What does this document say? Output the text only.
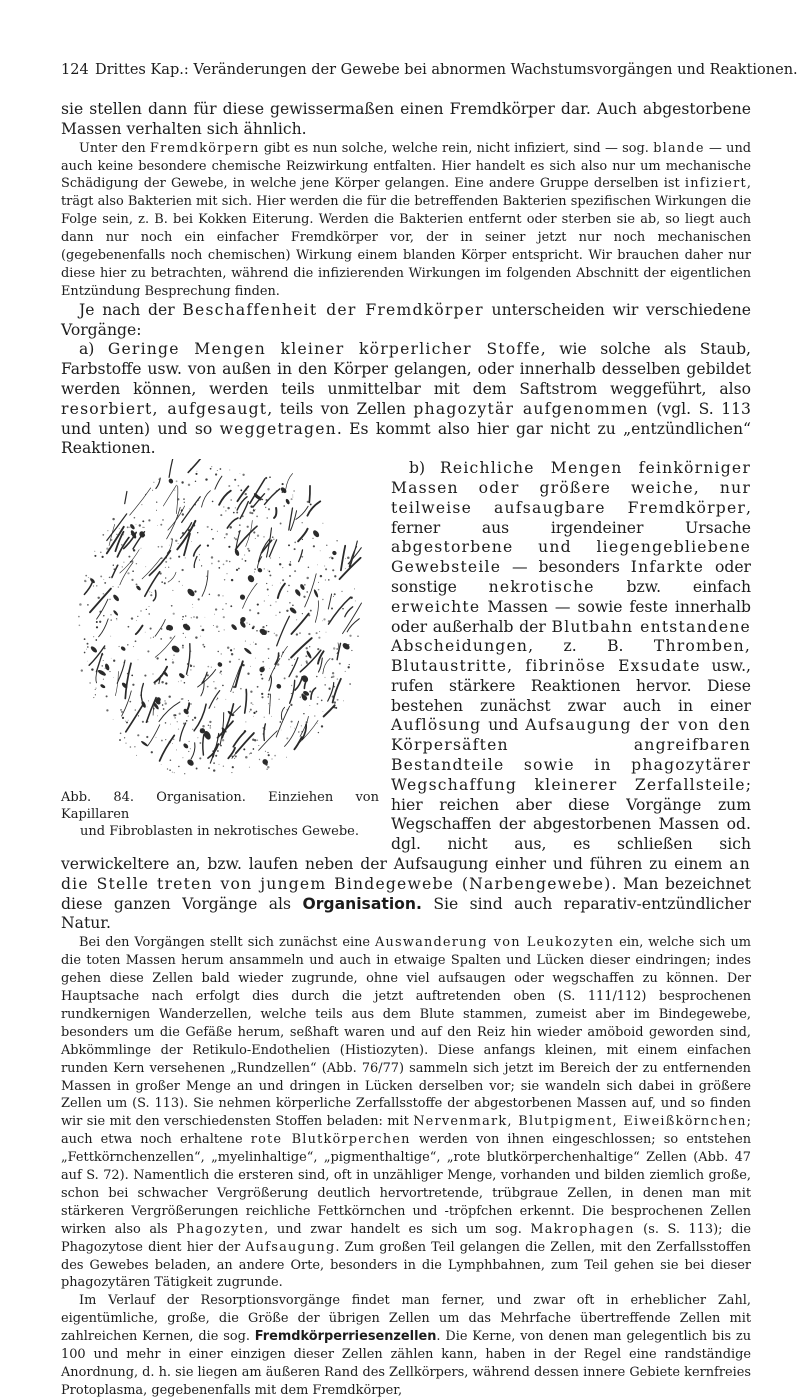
124 Drittes Kap.: Veränderungen der Gewebe bei abnormen Wachstumsvorgängen und Reaktionen.

sie stellen dann für diese gewissermaßen einen Fremdkörper dar. Auch abgestorbene Massen verhalten sich ähnlich.

Unter den Fremdkörpern gibt es nun solche, welche rein, nicht infiziert, sind — sog. blande — und auch keine besondere chemische Reizwirkung entfalten. Hier handelt es sich also nur um mechanische Schädigung der Gewebe, in welche jene Körper gelangen. Eine andere Gruppe derselben ist infiziert, trägt also Bakterien mit sich. Hier werden die für die betreffenden Bakterien spezifischen Wirkungen die Folge sein, z. B. bei Kokken Eiterung. Werden die Bakterien entfernt oder sterben sie ab, so liegt auch dann nur noch ein einfacher Fremdkörper vor, der in seiner jetzt nur noch mechanischen (gegebenenfalls noch chemischen) Wirkung einem blanden Körper entspricht. Wir brauchen daher nur diese hier zu betrachten, während die infizierenden Wirkungen im folgenden Abschnitt der eigentlichen Entzündung Besprechung finden.

Je nach der Beschaffenheit der Fremdkörper unterscheiden wir verschiedene Vorgänge:

a) Geringe Mengen kleiner körperlicher Stoffe, wie solche als Staub, Farbstoffe usw. von außen in den Körper gelangen, oder innerhalb desselben gebildet werden können, werden teils unmittelbar mit dem Saftstrom weggeführt, also resorbiert, aufgesaugt, teils von Zellen phagozytär aufgenommen (vgl. S. 113 und unten) und so weggetragen. Es kommt also hier gar nicht zu „entzündlichen“ Reaktionen.

Abb. 84. Organisation. Einziehen von Kapillaren
und Fibroblasten in nekrotisches Gewebe.

b) Reichliche Mengen feinkörniger Massen oder größere weiche, nur teilweise aufsaugbare Fremdkörper, ferner aus irgendeiner Ursache abgestorbene und liegengebliebene Gewebsteile — besonders Infarkte oder sonstige nekrotische bzw. einfach erweichte Massen — sowie feste innerhalb oder außerhalb der Blutbahn entstandene Abscheidungen, z. B. Thromben, Blutaustritte, fibrinöse Exsudate usw., rufen stärkere Reaktionen hervor. Diese bestehen zunächst zwar auch in einer Auflösung und Aufsaugung der von den Körpersäften angreifbaren Bestandteile sowie in phagozytärer Wegschaffung kleinerer Zerfallsteile; hier reichen aber diese Vorgänge zum Wegschaffen der abgestorbenen Massen od. dgl. nicht aus, es schließen sich verwickeltere an, bzw. laufen neben der Aufsaugung einher und führen zu einem an die Stelle treten von jungem Bindegewebe (Narbengewebe). Man bezeichnet diese ganzen Vorgänge als Organisation. Sie sind auch reparativ-entzündlicher Natur.

Bei den Vorgängen stellt sich zunächst eine Auswanderung von Leukozyten ein, welche sich um die toten Massen herum ansammeln und auch in etwaige Spalten und Lücken dieser eindringen; indes gehen diese Zellen bald wieder zugrunde, ohne viel aufsaugen oder wegschaffen zu können. Der Hauptsache nach erfolgt dies durch die jetzt auftretenden oben (S. 111/112) besprochenen rundkernigen Wanderzellen, welche teils aus dem Blute stammen, zumeist aber im Bindegewebe, besonders um die Gefäße herum, seßhaft waren und auf den Reiz hin wieder amöboid geworden sind, Abkömmlinge der Retikulo-Endothelien (Histiozyten). Diese anfangs kleinen, mit einem einfachen runden Kern versehenen „Rundzellen“ (Abb. 76/77) sammeln sich jetzt im Bereich der zu entfernenden Massen in großer Menge an und dringen in Lücken derselben vor; sie wandeln sich dabei in größere Zellen um (S. 113). Sie nehmen körperliche Zerfallsstoffe der abgestorbenen Massen auf, und so finden wir sie mit den verschiedensten Stoffen beladen: mit Nervenmark, Blutpigment, Eiweißkörnchen; auch etwa noch erhaltene rote Blutkörperchen werden von ihnen eingeschlossen; so entstehen „Fettkörnchenzellen“, „myelinhaltige“, „pigmenthaltige“, „rote blutkörperchenhaltige“ Zellen (Abb. 47 auf S. 72). Namentlich die ersteren sind, oft in unzähliger Menge, vorhanden und bilden ziemlich große, schon bei schwacher Vergrößerung deutlich hervortretende, trübgraue Zellen, in denen man mit stärkeren Vergrößerungen reichliche Fettkörnchen und -tröpfchen erkennt. Die besprochenen Zellen wirken also als Phagozyten, und zwar handelt es sich um sog. Makrophagen (s. S. 113); die Phagozytose dient hier der Aufsaugung. Zum großen Teil gelangen die Zellen, mit den Zerfallsstoffen des Gewebes beladen, an andere Orte, besonders in die Lymphbahnen, zum Teil gehen sie bei dieser phagozytären Tätigkeit zugrunde.

Im Verlauf der Resorptionsvorgänge findet man ferner, und zwar oft in erheblicher Zahl, eigentümliche, große, die Größe der übrigen Zellen um das Mehrfache übertreffende Zellen mit zahlreichen Kernen, die sog. Fremdkörperriesenzellen. Die Kerne, von denen man gelegentlich bis zu 100 und mehr in einer einzigen dieser Zellen zählen kann, haben in der Regel eine randständige Anordnung, d. h. sie liegen am äußeren Rand des Zellkörpers, während dessen innere Gebiete kernfreies Protoplasma, gegebenenfalls mit dem Fremdkörper,
